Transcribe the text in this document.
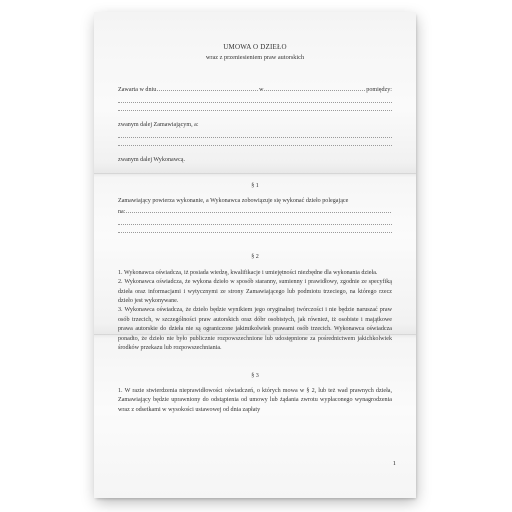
UMOWA O DZIEŁO
wraz z przeniesieniem praw autorskich
Zawarta w dniu	w	pomiędzy:
zwanym dalej Zamawiającym, a:
zwanym dalej Wykonawcą.
§ 1
Zamawiający powierza wykonanie, a Wykonawca zobowiązuje się wykonać dzieło polegające
na:
§ 2
1. Wykonawca oświadcza, iż posiada wiedzę, kwalifikacje i umiejętności niezbędne dla wykonania dzieła.
2. Wykonawca oświadcza, że wykona dzieło w sposób staranny, sumienny i prawidłowy, zgodnie ze specyfiką dzieła oraz informacjami i wytycznymi ze strony Zamawiającego lub podmiotu trzeciego, na którego rzecz dzieło jest wykonywane.
3. Wykonawca oświadcza, że dzieło będzie wynikiem jego oryginalnej twórczości i nie będzie naruszać praw osób trzecich, w szczególności praw autorskich oraz dóbr osobistych, jak również, iż osobiste i majątkowe prawa autorskie do dzieła nie są ograniczone jakimikolwiek prawami osób trzecich. Wykonawca oświadcza ponadto, że dzieło nie było publicznie rozpowszechnione lub udostępnione za pośrednictwem jakichkolwiek środków przekazu lub rozpowszechniania.
§ 3
1. W razie stwierdzenia nieprawidłowości oświadczeń, o których mowa w § 2, lub też wad prawnych dzieła, Zamawiający będzie uprawniony do odstąpienia od umowy lub żądania zwrotu wypłaconego wynagrodzenia wraz z odsetkami w wysokości ustawowej od dnia zapłaty
1
